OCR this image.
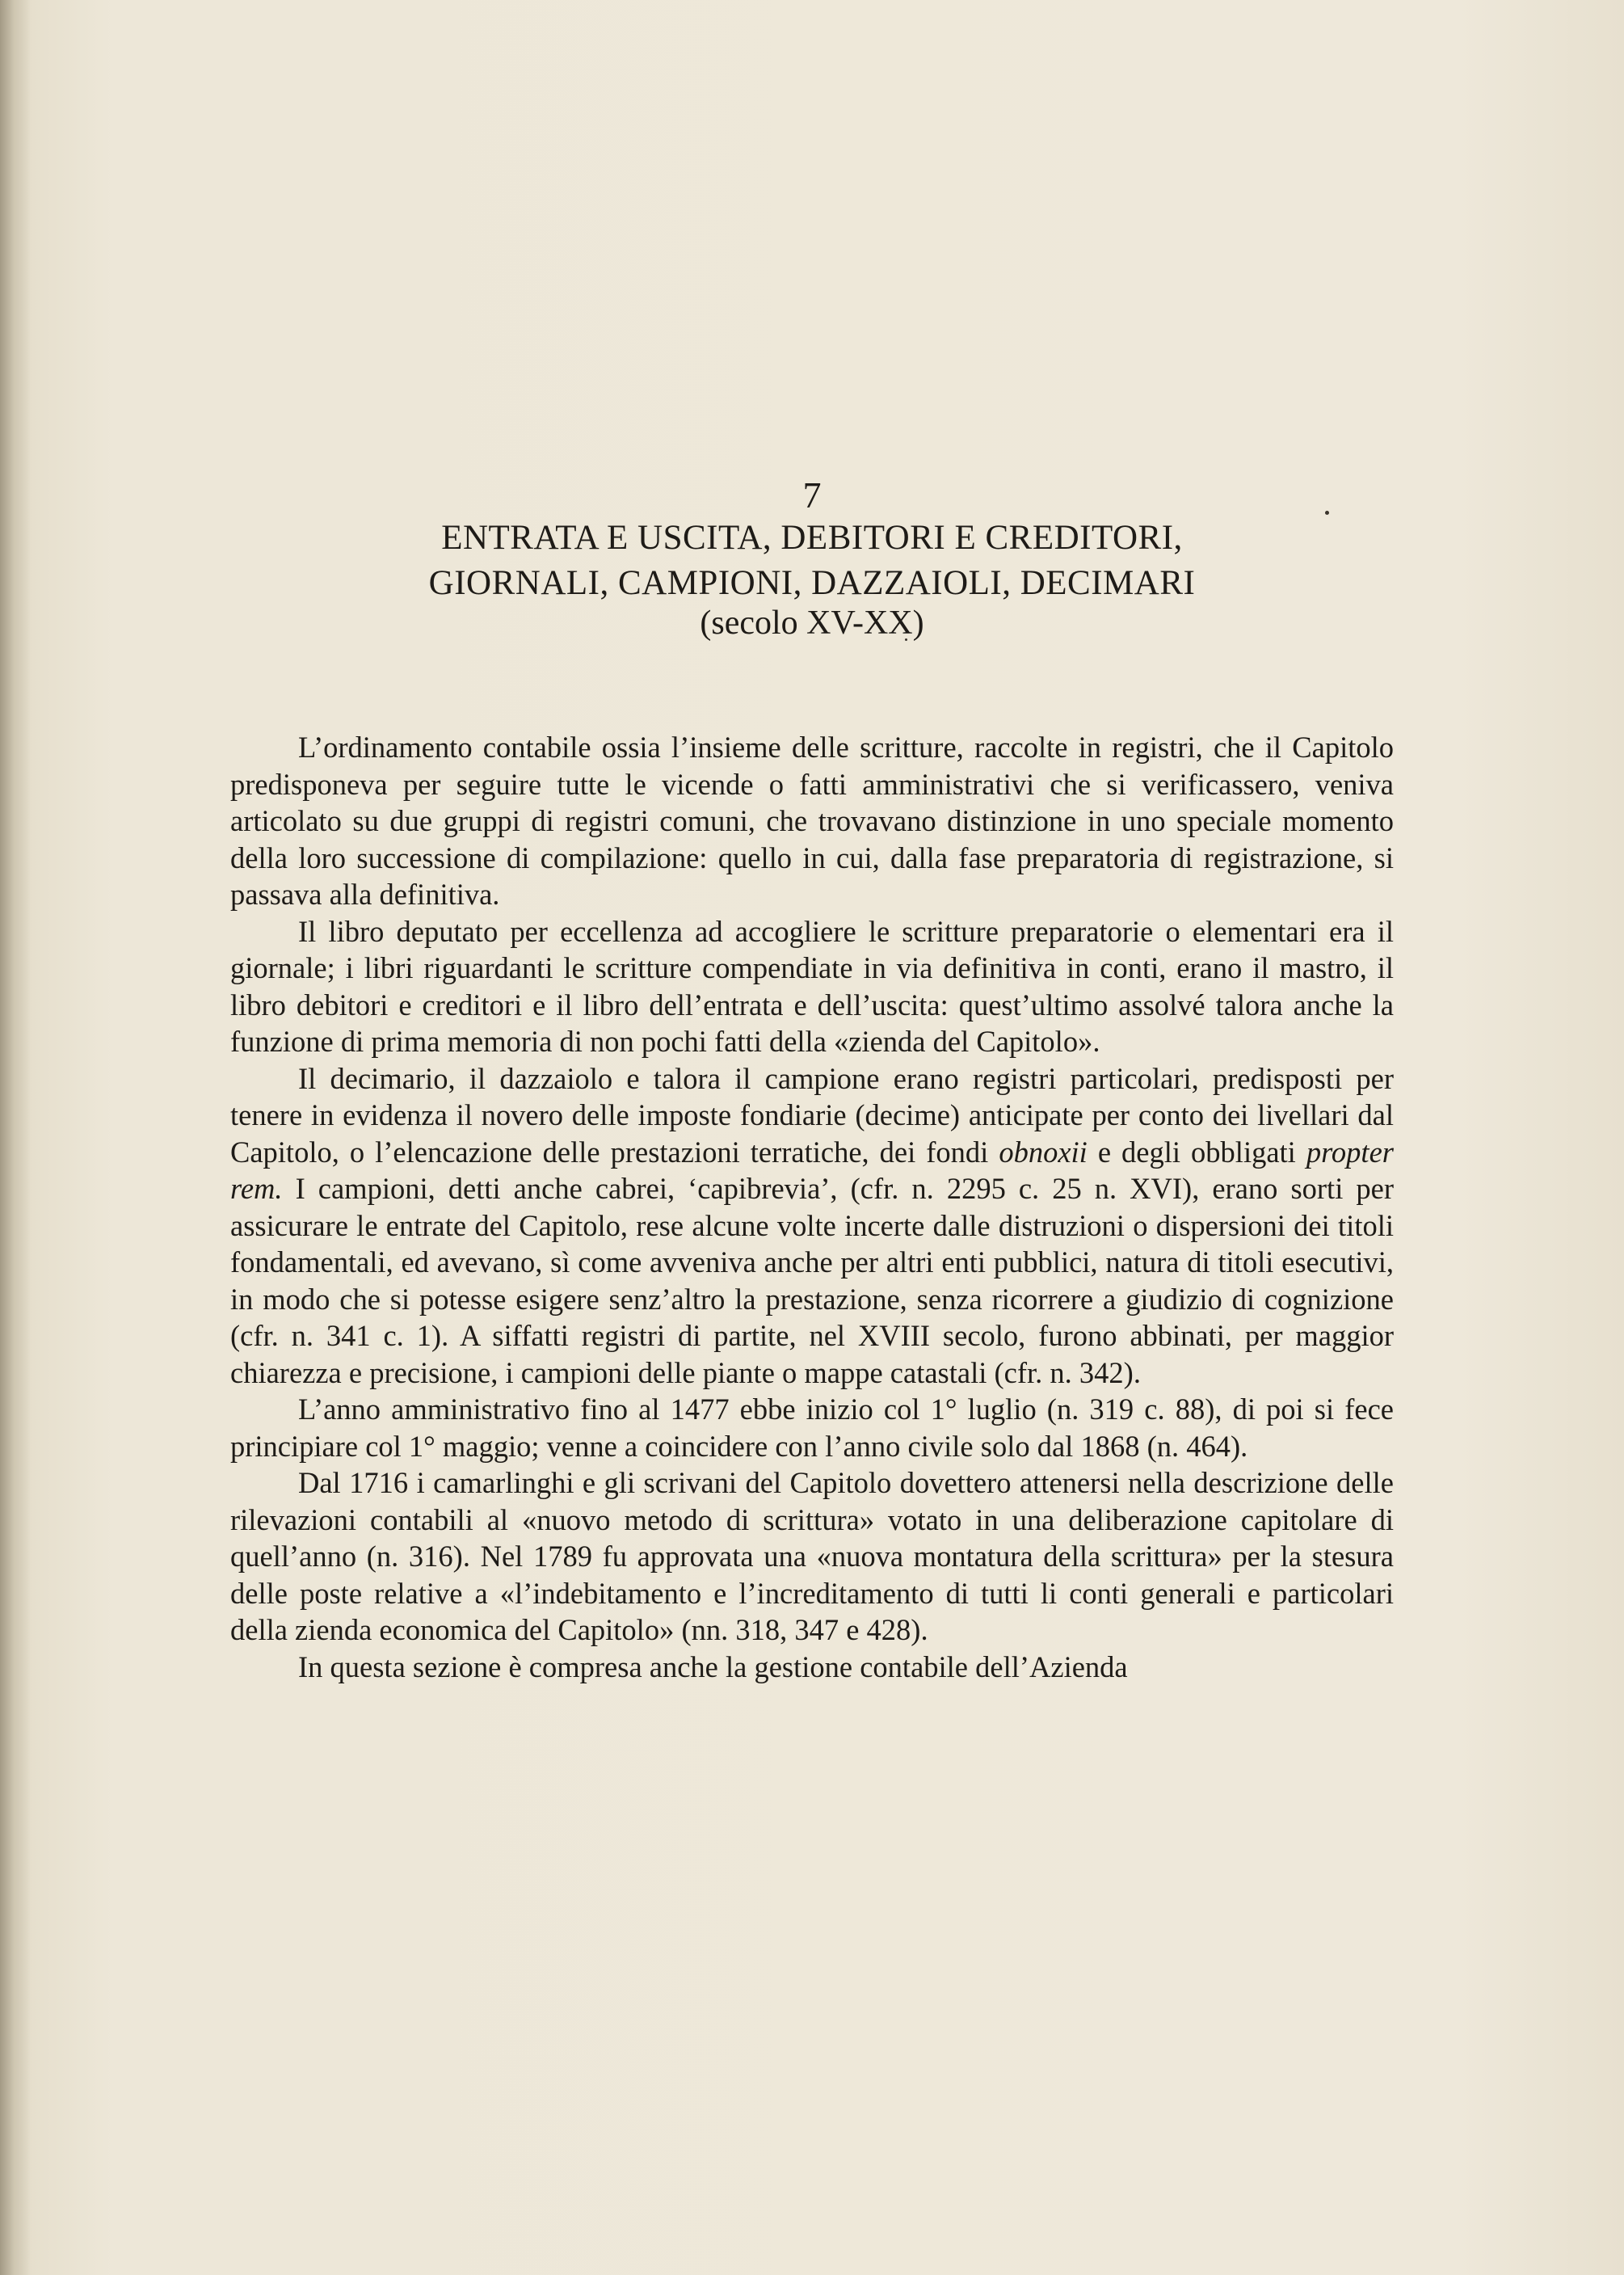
7
ENTRATA E USCITA, DEBITORI E CREDITORI,
GIORNALI, CAMPIONI, DAZZAIOLI, DECIMARI
(secolo XV-XX)

L’ordinamento contabile ossia l’insieme delle scritture, raccolte in registri, che il Capitolo predisponeva per seguire tutte le vicende o fatti amministrativi che si verificassero, veniva articolato su due gruppi di registri comuni, che trovavano distinzione in uno speciale momento della loro successione di compilazione: quello in cui, dalla fase preparatoria di registrazione, si passava alla definitiva.

Il libro deputato per eccellenza ad accogliere le scritture preparatorie o elementari era il giornale; i libri riguardanti le scritture compendiate in via definitiva in conti, erano il mastro, il libro debitori e creditori e il libro dell’entrata e dell’uscita: quest’ultimo assolvé talora anche la funzione di prima memoria di non pochi fatti della «zienda del Capitolo».

Il decimario, il dazzaiolo e talora il campione erano registri particolari, predisposti per tenere in evidenza il novero delle imposte fondiarie (decime) anticipate per conto dei livellari dal Capitolo, o l’elencazione delle prestazioni terratiche, dei fondi obnoxii e degli obbligati propter rem. I campioni, detti anche cabrei, ‘capibrevia’, (cfr. n. 2295 c. 25 n. XVI), erano sorti per assicurare le entrate del Capitolo, rese alcune volte incerte dalle distruzioni o dispersioni dei titoli fondamentali, ed avevano, sì come avveniva anche per altri enti pubblici, natura di titoli esecutivi, in modo che si potesse esigere senz’altro la prestazione, senza ricorrere a giudizio di cognizione (cfr. n. 341 c. 1). A siffatti registri di partite, nel XVIII secolo, furono abbinati, per maggior chiarezza e precisione, i campioni delle piante o mappe catastali (cfr. n. 342).

L’anno amministrativo fino al 1477 ebbe inizio col 1° luglio (n. 319 c. 88), di poi si fece principiare col 1° maggio; venne a coincidere con l’anno civile solo dal 1868 (n. 464).

Dal 1716 i camarlinghi e gli scrivani del Capitolo dovettero attenersi nella descrizione delle rilevazioni contabili al «nuovo metodo di scrittura» votato in una deliberazione capitolare di quell’anno (n. 316). Nel 1789 fu approvata una «nuova montatura della scrittura» per la stesura delle poste relative a «l’indebitamento e l’increditamento di tutti li conti generali e particolari della zienda economica del Capitolo» (nn. 318, 347 e 428).

In questa sezione è compresa anche la gestione contabile dell’Azienda
